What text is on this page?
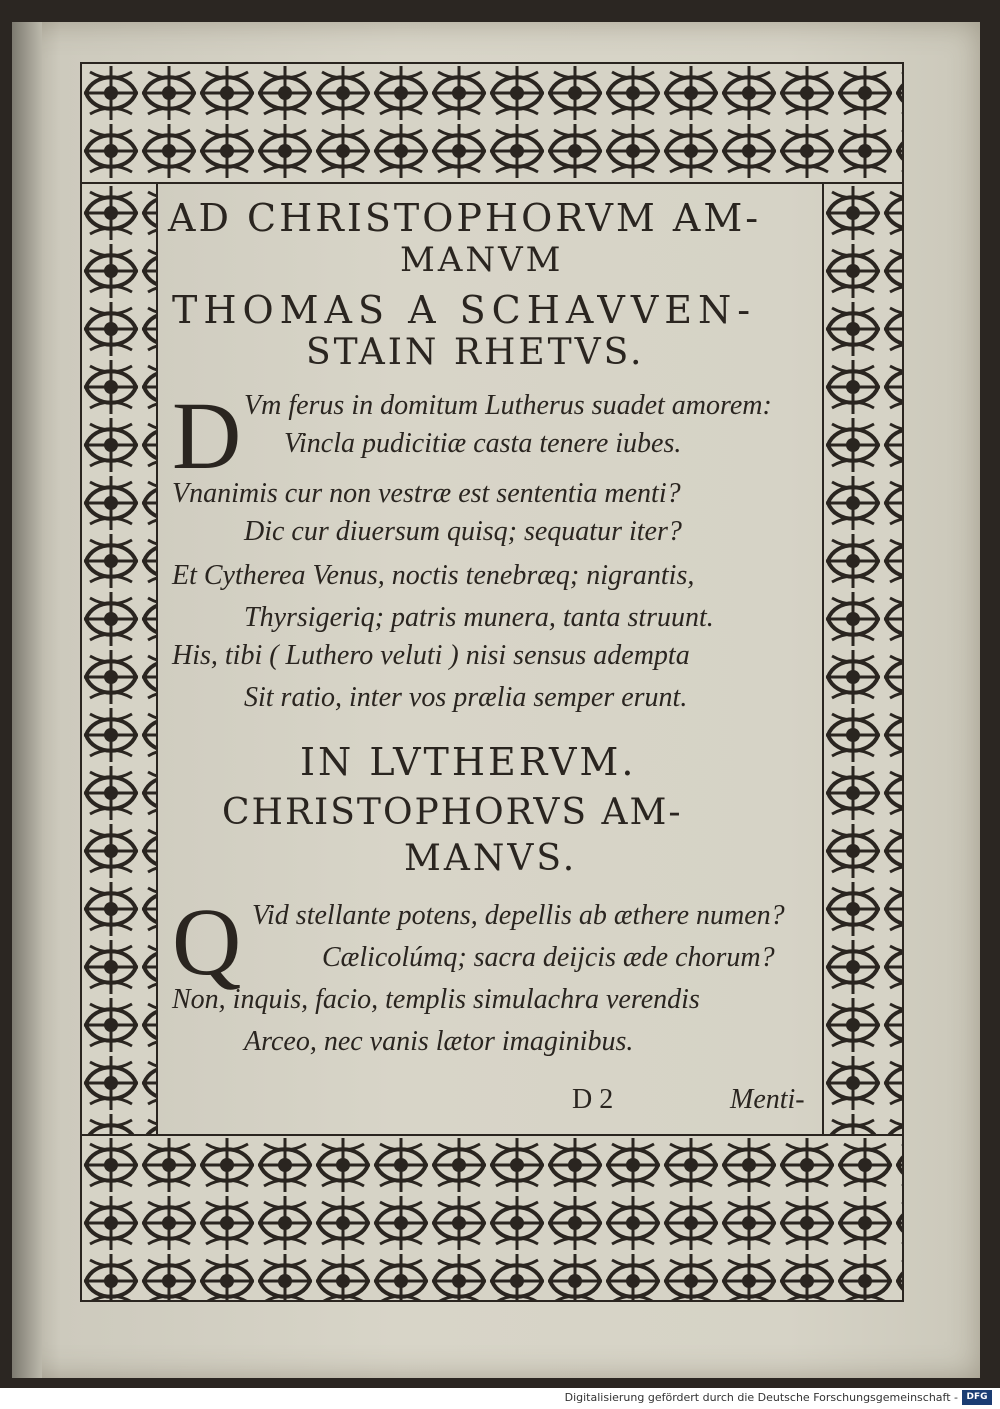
AD CHRISTOPHORVM AM-
MANVM
THOMAS A SCHAVVEN-
STAIN RHETVS.
D Vm ferus in domitum Lutherus suadet amorem:
Vincla pudicitiæ casta tenere iubes.
Vnanimis cur non vestræ est sententia menti?
Dic cur diuersum quisq; sequatur iter?
Et Cytherea Venus, noctis tenebræq; nigrantis,
Thyrsigeriq; patris munera, tanta struunt.
His, tibi ( Luthero veluti ) nisi sensus adempta
Sit ratio, inter vos prælia semper erunt.
IN LVTHERVM.
CHRISTOPHORVS AM-
MANVS.
Q Vid stellante potens, depellis ab æthere numen?
Cælicolúmq; sacra deijcis æde chorum?
Non, inquis, facio, templis simulachra verendis
Arceo, nec vanis lætor imaginibus.
D 2	Menti-
Digitalisierung gefördert durch die Deutsche Forschungsgemeinschaft - DFG
